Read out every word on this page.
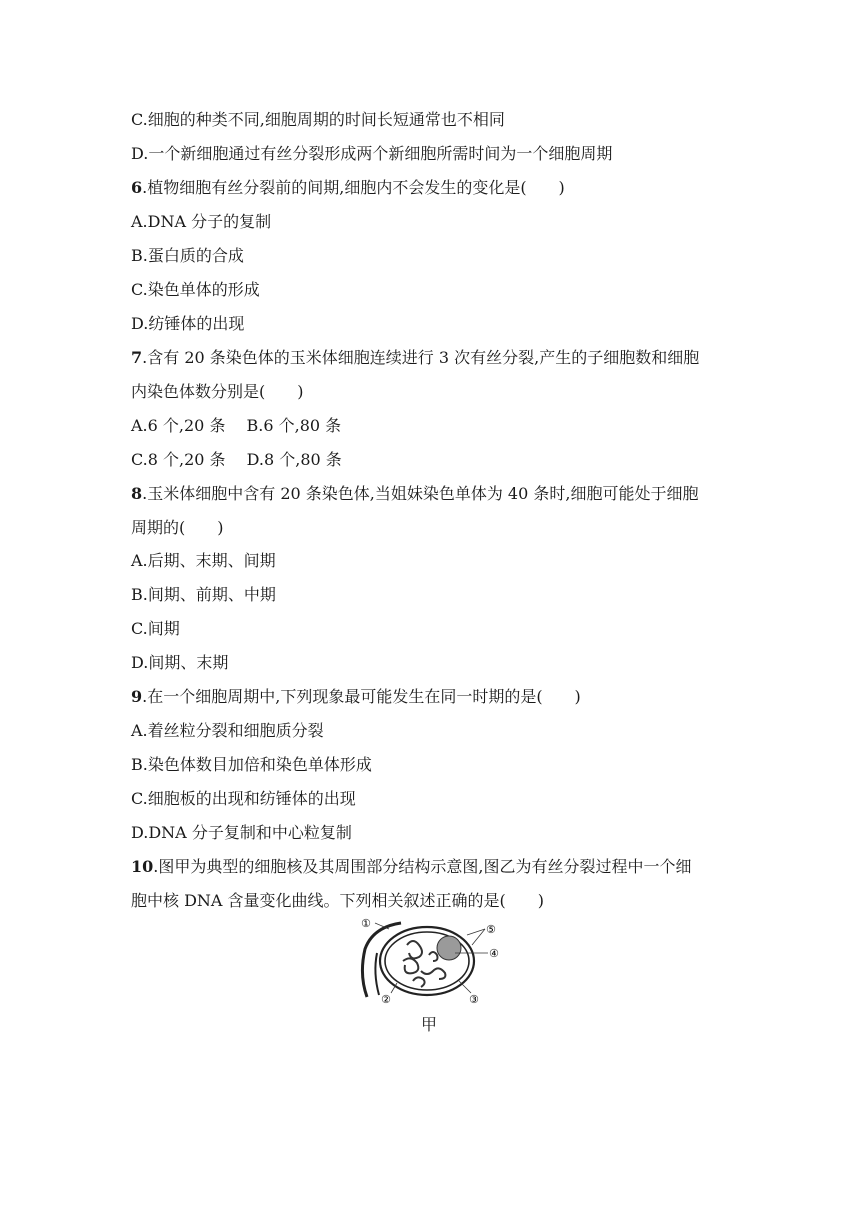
C.细胞的种类不同,细胞周期的时间长短通常也不相同
D.一个新细胞通过有丝分裂形成两个新细胞所需时间为一个细胞周期
6.植物细胞有丝分裂前的间期,细胞内不会发生的变化是(　　)
A.DNA 分子的复制
B.蛋白质的合成
C.染色单体的形成
D.纺锤体的出现
7.含有 20 条染色体的玉米体细胞连续进行 3 次有丝分裂,产生的子细胞数和细胞
内染色体数分别是(　　)
A.6 个,20 条　 B.6 个,80 条
C.8 个,20 条　 D.8 个,80 条
8.玉米体细胞中含有 20 条染色体,当姐妹染色单体为 40 条时,细胞可能处于细胞
周期的(　　)
A.后期、末期、间期
B.间期、前期、中期
C.间期
D.间期、末期
9.在一个细胞周期中,下列现象最可能发生在同一时期的是(　　)
A.着丝粒分裂和细胞质分裂
B.染色体数目加倍和染色单体形成
C.细胞板的出现和纺锤体的出现
D.DNA 分子复制和中心粒复制
10.图甲为典型的细胞核及其周围部分结构示意图,图乙为有丝分裂过程中一个细
胞中核 DNA 含量变化曲线。下列相关叙述正确的是(　　)
①
②	③
④
⑤
甲
